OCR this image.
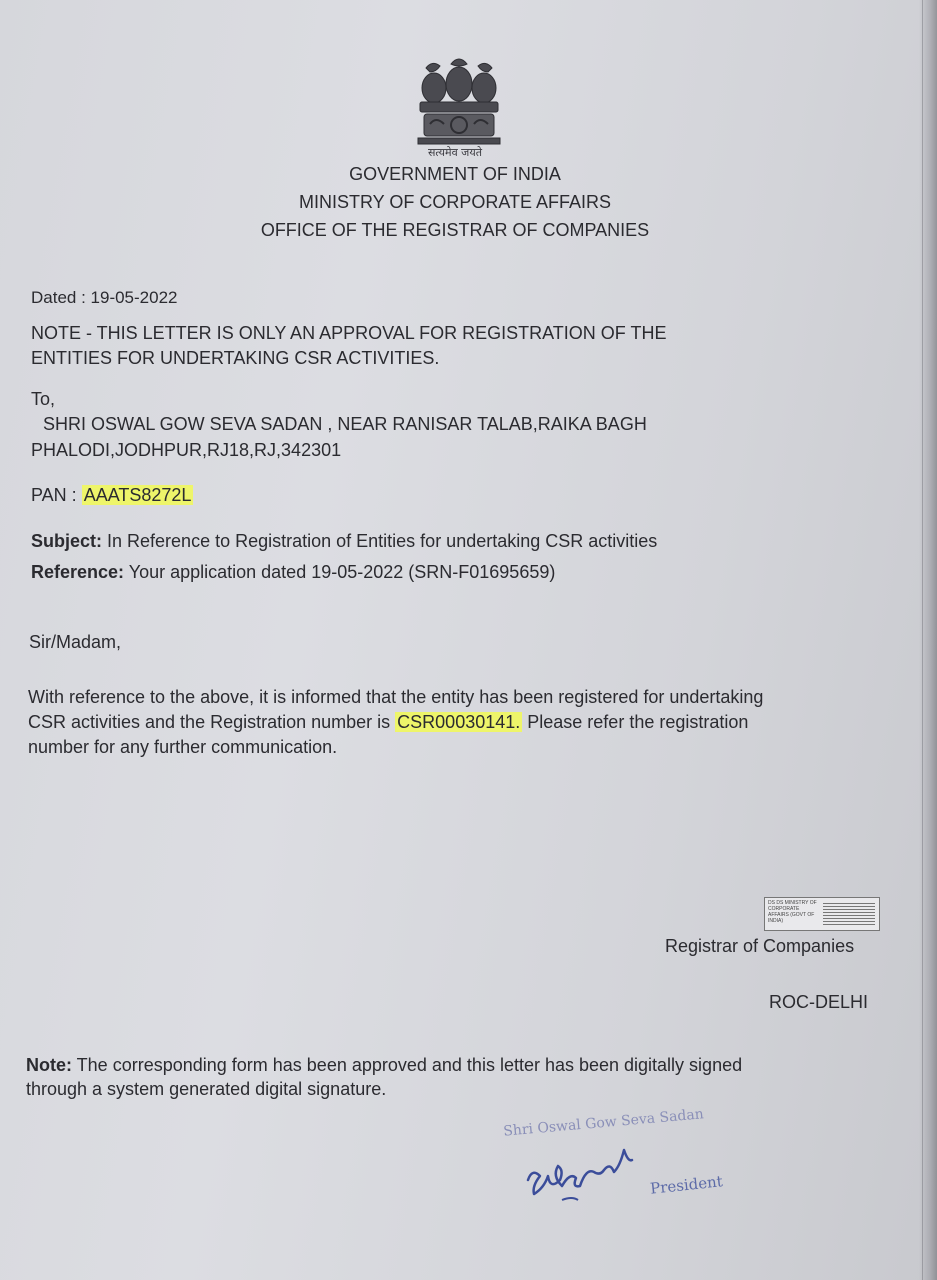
सत्यमेव जयते
GOVERNMENT OF INDIA
MINISTRY OF CORPORATE AFFAIRS
OFFICE OF THE REGISTRAR OF COMPANIES
Dated : 19-05-2022
NOTE - THIS LETTER IS ONLY AN APPROVAL FOR REGISTRATION OF THE
ENTITIES FOR UNDERTAKING CSR ACTIVITIES.
To,
SHRI OSWAL GOW SEVA SADAN , NEAR RANISAR TALAB,RAIKA BAGH
PHALODI,JODHPUR,RJ18,RJ,342301
PAN : AAATS8272L
Subject: In Reference to Registration of Entities for undertaking CSR activities
Reference: Your application dated 19-05-2022 (SRN-F01695659)
Sir/Madam,
With reference to the above, it is informed that the entity has been registered for undertaking
CSR activities and the Registration number is CSR00030141. Please refer the registration
number for any further communication.
DS DS MINISTRY OF CORPORATE AFFAIRS (GOVT OF INDIA)
Registrar of Companies
ROC-DELHI
Note: The corresponding form has been approved and this letter has been digitally signed
through a system generated digital signature.
Shri Oswal Gow Seva Sadan
President
